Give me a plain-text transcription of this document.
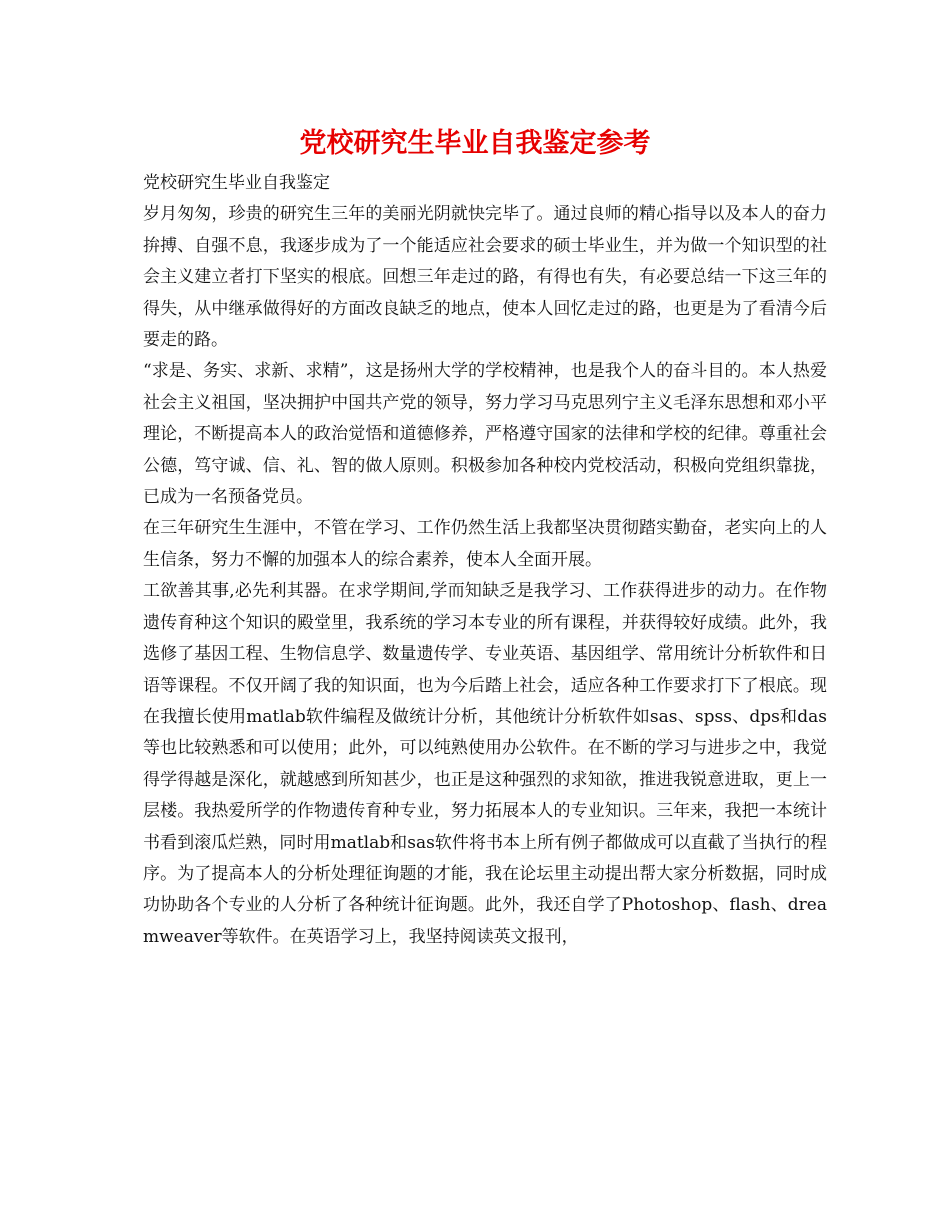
党校研究生毕业自我鉴定参考

党校研究生毕业自我鉴定

岁月匆匆，珍贵的研究生三年的美丽光阴就快完毕了。通过良师的精心指导以及本人的奋力拚搏、自强不息，我逐步成为了一个能适应社会要求的硕士毕业生，并为做一个知识型的社会主义建立者打下坚实的根底。回想三年走过的路，有得也有失，有必要总结一下这三年的得失，从中继承做得好的方面改良缺乏的地点，使本人回忆走过的路，也更是为了看清今后要走的路。

“求是、务实、求新、求精”，这是扬州大学的学校精神，也是我个人的奋斗目的。本人热爱社会主义祖国，坚决拥护中国共产党的领导，努力学习马克思列宁主义毛泽东思想和邓小平理论，不断提高本人的政治觉悟和道德修养，严格遵守国家的法律和学校的纪律。尊重社会公德，笃守诚、信、礼、智的做人原则。积极参加各种校内党校活动，积极向党组织靠拢，已成为一名预备党员。

在三年研究生生涯中，不管在学习、工作仍然生活上我都坚决贯彻踏实勤奋，老实向上的人生信条，努力不懈的加强本人的综合素养，使本人全面开展。

工欲善其事,必先利其器。在求学期间,学而知缺乏是我学习、工作获得进步的动力。在作物遗传育种这个知识的殿堂里，我系统的学习本专业的所有课程，并获得较好成绩。此外，我选修了基因工程、生物信息学、数量遗传学、专业英语、基因组学、常用统计分析软件和日语等课程。不仅开阔了我的知识面，也为今后踏上社会，适应各种工作要求打下了根底。现在我擅长使用matlab软件编程及做统计分析，其他统计分析软件如sas、spss、dps和das等也比较熟悉和可以使用；此外，可以纯熟使用办公软件。在不断的学习与进步之中，我觉得学得越是深化，就越感到所知甚少，也正是这种强烈的求知欲，推进我锐意进取，更上一层楼。我热爱所学的作物遗传育种专业，努力拓展本人的专业知识。三年来，我把一本统计书看到滚瓜烂熟，同时用matlab和sas软件将书本上所有例子都做成可以直截了当执行的程序。为了提高本人的分析处理征询题的才能，我在论坛里主动提出帮大家分析数据，同时成功协助各个专业的人分析了各种统计征询题。此外，我还自学了Photoshop、flash、dreamweaver等软件。在英语学习上，我坚持阅读英文报刊，
